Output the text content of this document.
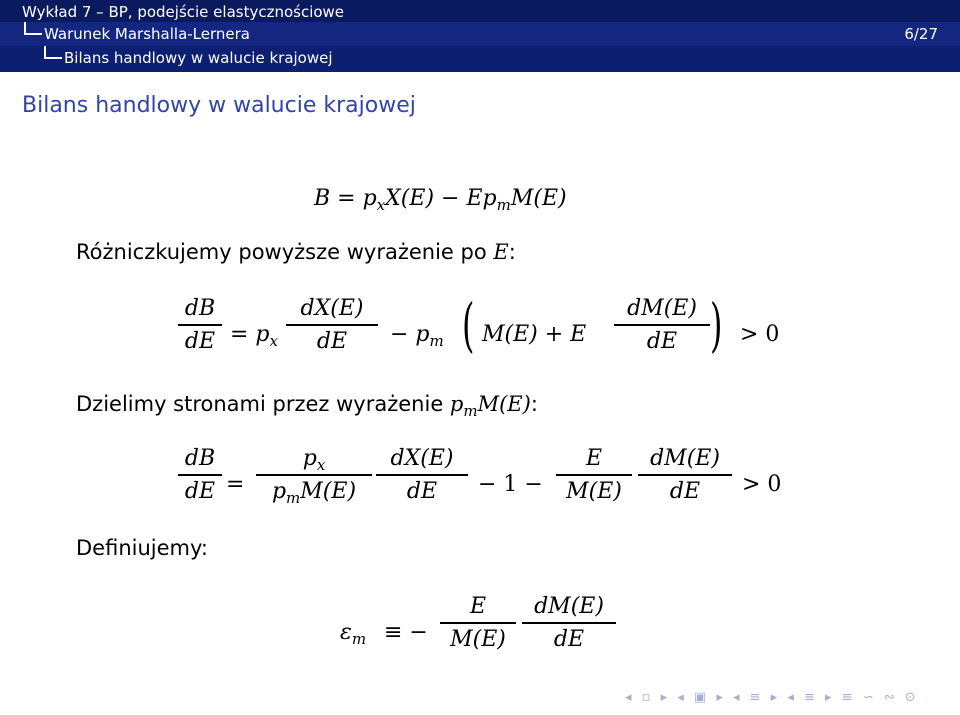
Wykład 7 – BP, podejście elastycznościowe
Warunek Marshalla-Lernera	6/27
Bilans handlowy w walucie krajowej
Bilans handlowy w walucie krajowej
$B = p_xX(E) - Ep_mM(E)$
Różniczkujemy powyższe wyrażenie po E:
dB
dE = $p_x$
dX(E)
dE	− $p_m$ ( M(E) + E
dM(E)
dE ) > 0
Dzielimy stronami przez wyrażenie $p_mM(E)$:
dB
dE =
$p_x$
$p_mM(E)$
dX(E)
dE	− 1 −
E
M(E)
dM(E)
dE	> 0
Definiujemy:
$\varepsilon_m$ ≡ −
E
M(E)
dM(E)
dE
◂ ▫ ▸ ◂ ▣ ▸ ◂ ≡ ▸ ◂ ≡ ▸ ≡ ∽ ∾ ⊙
